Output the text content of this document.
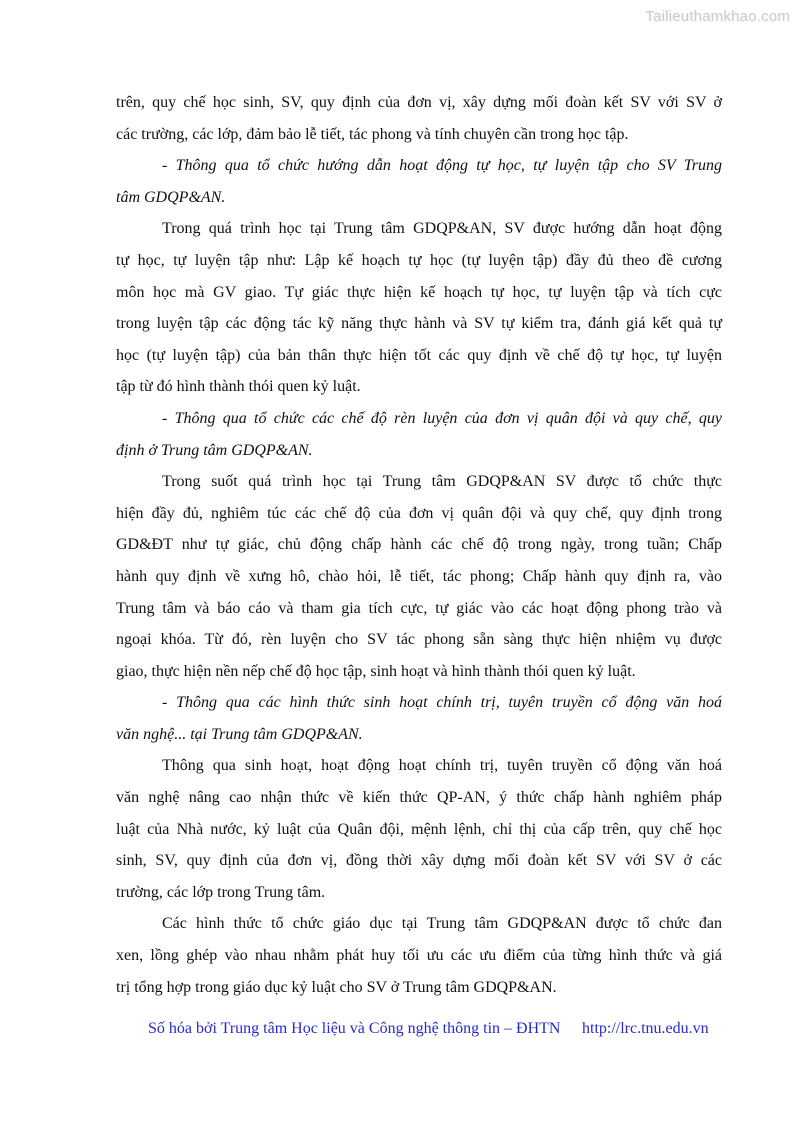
Tailieuthamkhao.com
trên, quy chế học sinh, SV, quy định của đơn vị, xây dựng mối đoàn kết SV với SV ở
các trường, các lớp, đảm bảo lễ tiết, tác phong và tính chuyên cần trong học tập.
- Thông qua tổ chức hướng dẫn hoạt động tự học, tự luyện tập cho SV Trung
tâm GDQP&AN.
Trong quá trình học tại Trung tâm GDQP&AN, SV được hướng dẫn hoạt động
tự học, tự luyện tập như: Lập kế hoạch tự học (tự luyện tập) đầy đủ theo đề cương
môn học mà GV giao. Tự giác thực hiện kế hoạch tự học, tự luyện tập và tích cực
trong luyện tập các động tác kỹ năng thực hành và SV tự kiểm tra, đánh giá kết quả tự
học (tự luyện tập) của bản thân thực hiện tốt các quy định về chế độ tự học, tự luyện
tập từ đó hình thành thói quen kỷ luật.
- Thông qua tổ chức các chế độ rèn luyện của đơn vị quân đội và quy chế, quy
định ở Trung tâm GDQP&AN.
Trong suốt quá trình học tại Trung tâm GDQP&AN SV được tổ chức thực
hiện đầy đủ, nghiêm túc các chế độ của đơn vị quân đội và quy chế, quy định trong
GD&ĐT như tự giác, chủ động chấp hành các chế độ trong ngày, trong tuần; Chấp
hành quy định về xưng hô, chào hỏi, lễ tiết, tác phong; Chấp hành quy định ra, vào
Trung tâm và báo cáo và tham gia tích cực, tự giác vào các hoạt động phong trào và
ngoại khóa. Từ đó, rèn luyện cho SV tác phong sẵn sàng thực hiện nhiệm vụ được
giao, thực hiện nền nếp chế độ học tập, sinh hoạt và hình thành thói quen kỷ luật.
- Thông qua các hình thức sinh hoạt chính trị, tuyên truyền cổ động văn hoá
văn nghệ... tại Trung tâm GDQP&AN.
Thông qua sinh hoạt, hoạt động hoạt chính trị, tuyên truyền cổ động văn hoá
văn nghệ nâng cao nhận thức về kiến thức QP-AN, ý thức chấp hành nghiêm pháp
luật của Nhà nước, kỷ luật của Quân đội, mệnh lệnh, chỉ thị của cấp trên, quy chế học
sinh, SV, quy định của đơn vị, đồng thời xây dựng mối đoàn kết SV với SV ở các
trường, các lớp trong Trung tâm.
Các hình thức tổ chức giáo dục tại Trung tâm GDQP&AN được tổ chức đan
xen, lồng ghép vào nhau nhằm phát huy tối ưu các ưu điểm của từng hình thức và giá
trị tổng hợp trong giáo dục kỷ luật cho SV ở Trung tâm GDQP&AN.
Số hóa bởi Trung tâm Học liệu và Công nghệ thông tin – ĐHTN http://lrc.tnu.edu.vn
